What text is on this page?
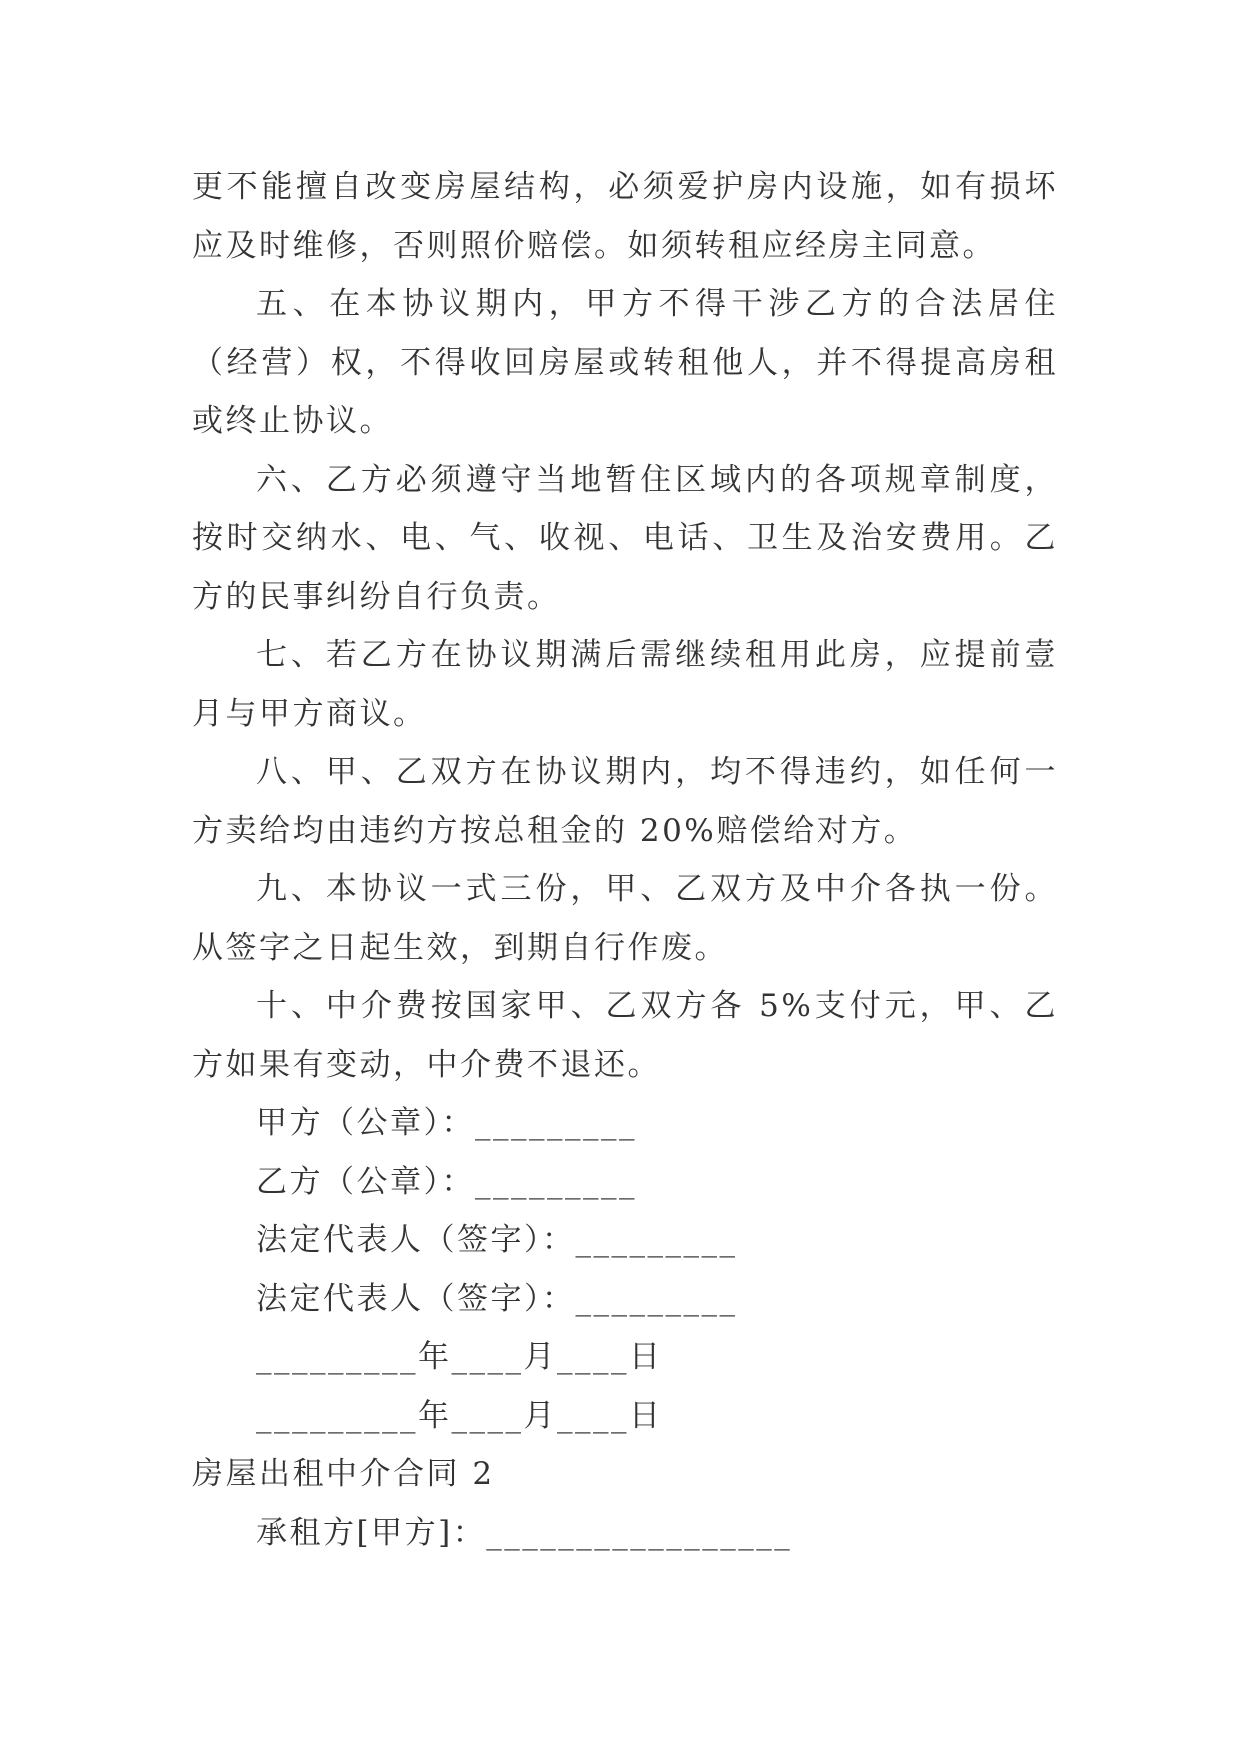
更不能擅自改变房屋结构，必须爱护房内设施，如有损坏应及时维修，否则照价赔偿。如须转租应经房主同意。

五、在本协议期内，甲方不得干涉乙方的合法居住（经营）权，不得收回房屋或转租他人，并不得提高房租或终止协议。

六、乙方必须遵守当地暂住区域内的各项规章制度，按时交纳水、电、气、收视、电话、卫生及治安费用。乙方的民事纠纷自行负责。

七、若乙方在协议期满后需继续租用此房，应提前壹月与甲方商议。

八、甲、乙双方在协议期内，均不得违约，如任何一方卖给均由违约方按总租金的 20%赔偿给对方。

九、本协议一式三份，甲、乙双方及中介各执一份。从签字之日起生效，到期自行作废。

十、中介费按国家甲、乙双方各 5%支付元，甲、乙方如果有变动，中介费不退还。

甲方（公章）：_________

乙方（公章）：_________

法定代表人（签字）：_________

法定代表人（签字）：_________

_________年____月____日

_________年____月____日

房屋出租中介合同 2

承租方[甲方]：_________________
